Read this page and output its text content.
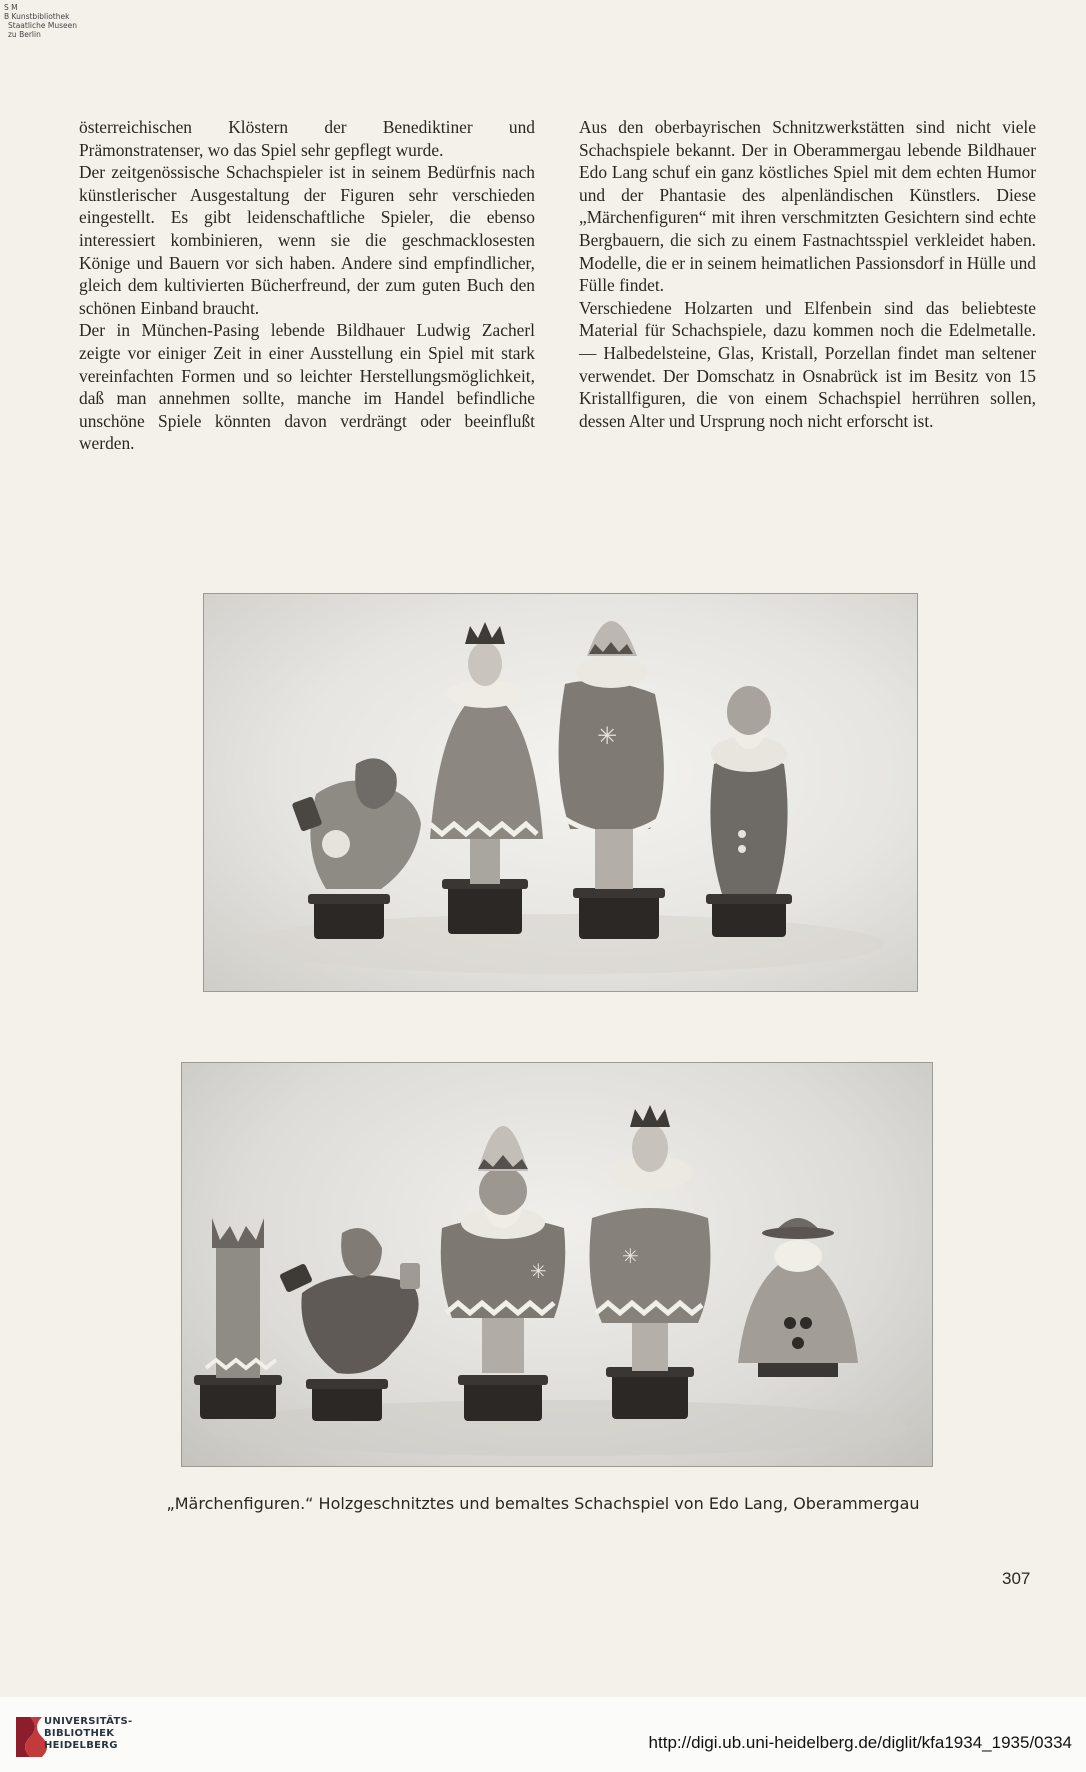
S M
B Kunstbibliothek
Staatliche Museen
zu Berlin

österreichischen Klöstern der Benediktiner und Prämonstratenser, wo das Spiel sehr gepflegt wurde.

Der zeitgenössische Schachspieler ist in seinem Bedürfnis nach künstlerischer Ausgestaltung der Figuren sehr verschieden eingestellt. Es gibt leidenschaftliche Spieler, die ebenso interessiert kombinieren, wenn sie die geschmacklosesten Könige und Bauern vor sich haben. Andere sind empfindlicher, gleich dem kultivierten Bücherfreund, der zum guten Buch den schönen Einband braucht.

Der in München-Pasing lebende Bildhauer Ludwig Zacherl zeigte vor einiger Zeit in einer Ausstellung ein Spiel mit stark vereinfachten Formen und so leichter Herstellungsmöglichkeit, daß man annehmen sollte, manche im Handel befindliche unschöne Spiele könnten davon verdrängt oder beeinflußt werden.

Aus den oberbayrischen Schnitzwerkstätten sind nicht viele Schachspiele bekannt. Der in Oberammergau lebende Bildhauer Edo Lang schuf ein ganz köstliches Spiel mit dem echten Humor und der Phantasie des alpenländischen Künstlers. Diese „Märchenfiguren“ mit ihren verschmitzten Gesichtern sind echte Bergbauern, die sich zu einem Fastnachtsspiel verkleidet haben. Modelle, die er in seinem heimatlichen Passionsdorf in Hülle und Fülle findet.

Verschiedene Holzarten und Elfenbein sind das beliebteste Material für Schachspiele, dazu kommen noch die Edelmetalle. — Halbedelsteine, Glas, Kristall, Porzellan findet man seltener verwendet. Der Domschatz in Osnabrück ist im Besitz von 15 Kristallfiguren, die von einem Schachspiel herrühren sollen, dessen Alter und Ursprung noch nicht erforscht ist.

✳
✳
✳
„Märchenfiguren.“ Holzgeschnitztes und bemaltes Schachspiel von Edo Lang, Oberammergau
307
UNIVERSITÄTS-
BIBLIOTHEK
HEIDELBERG	http://digi.ub.uni-heidelberg.de/diglit/kfa1934_1935/0334
